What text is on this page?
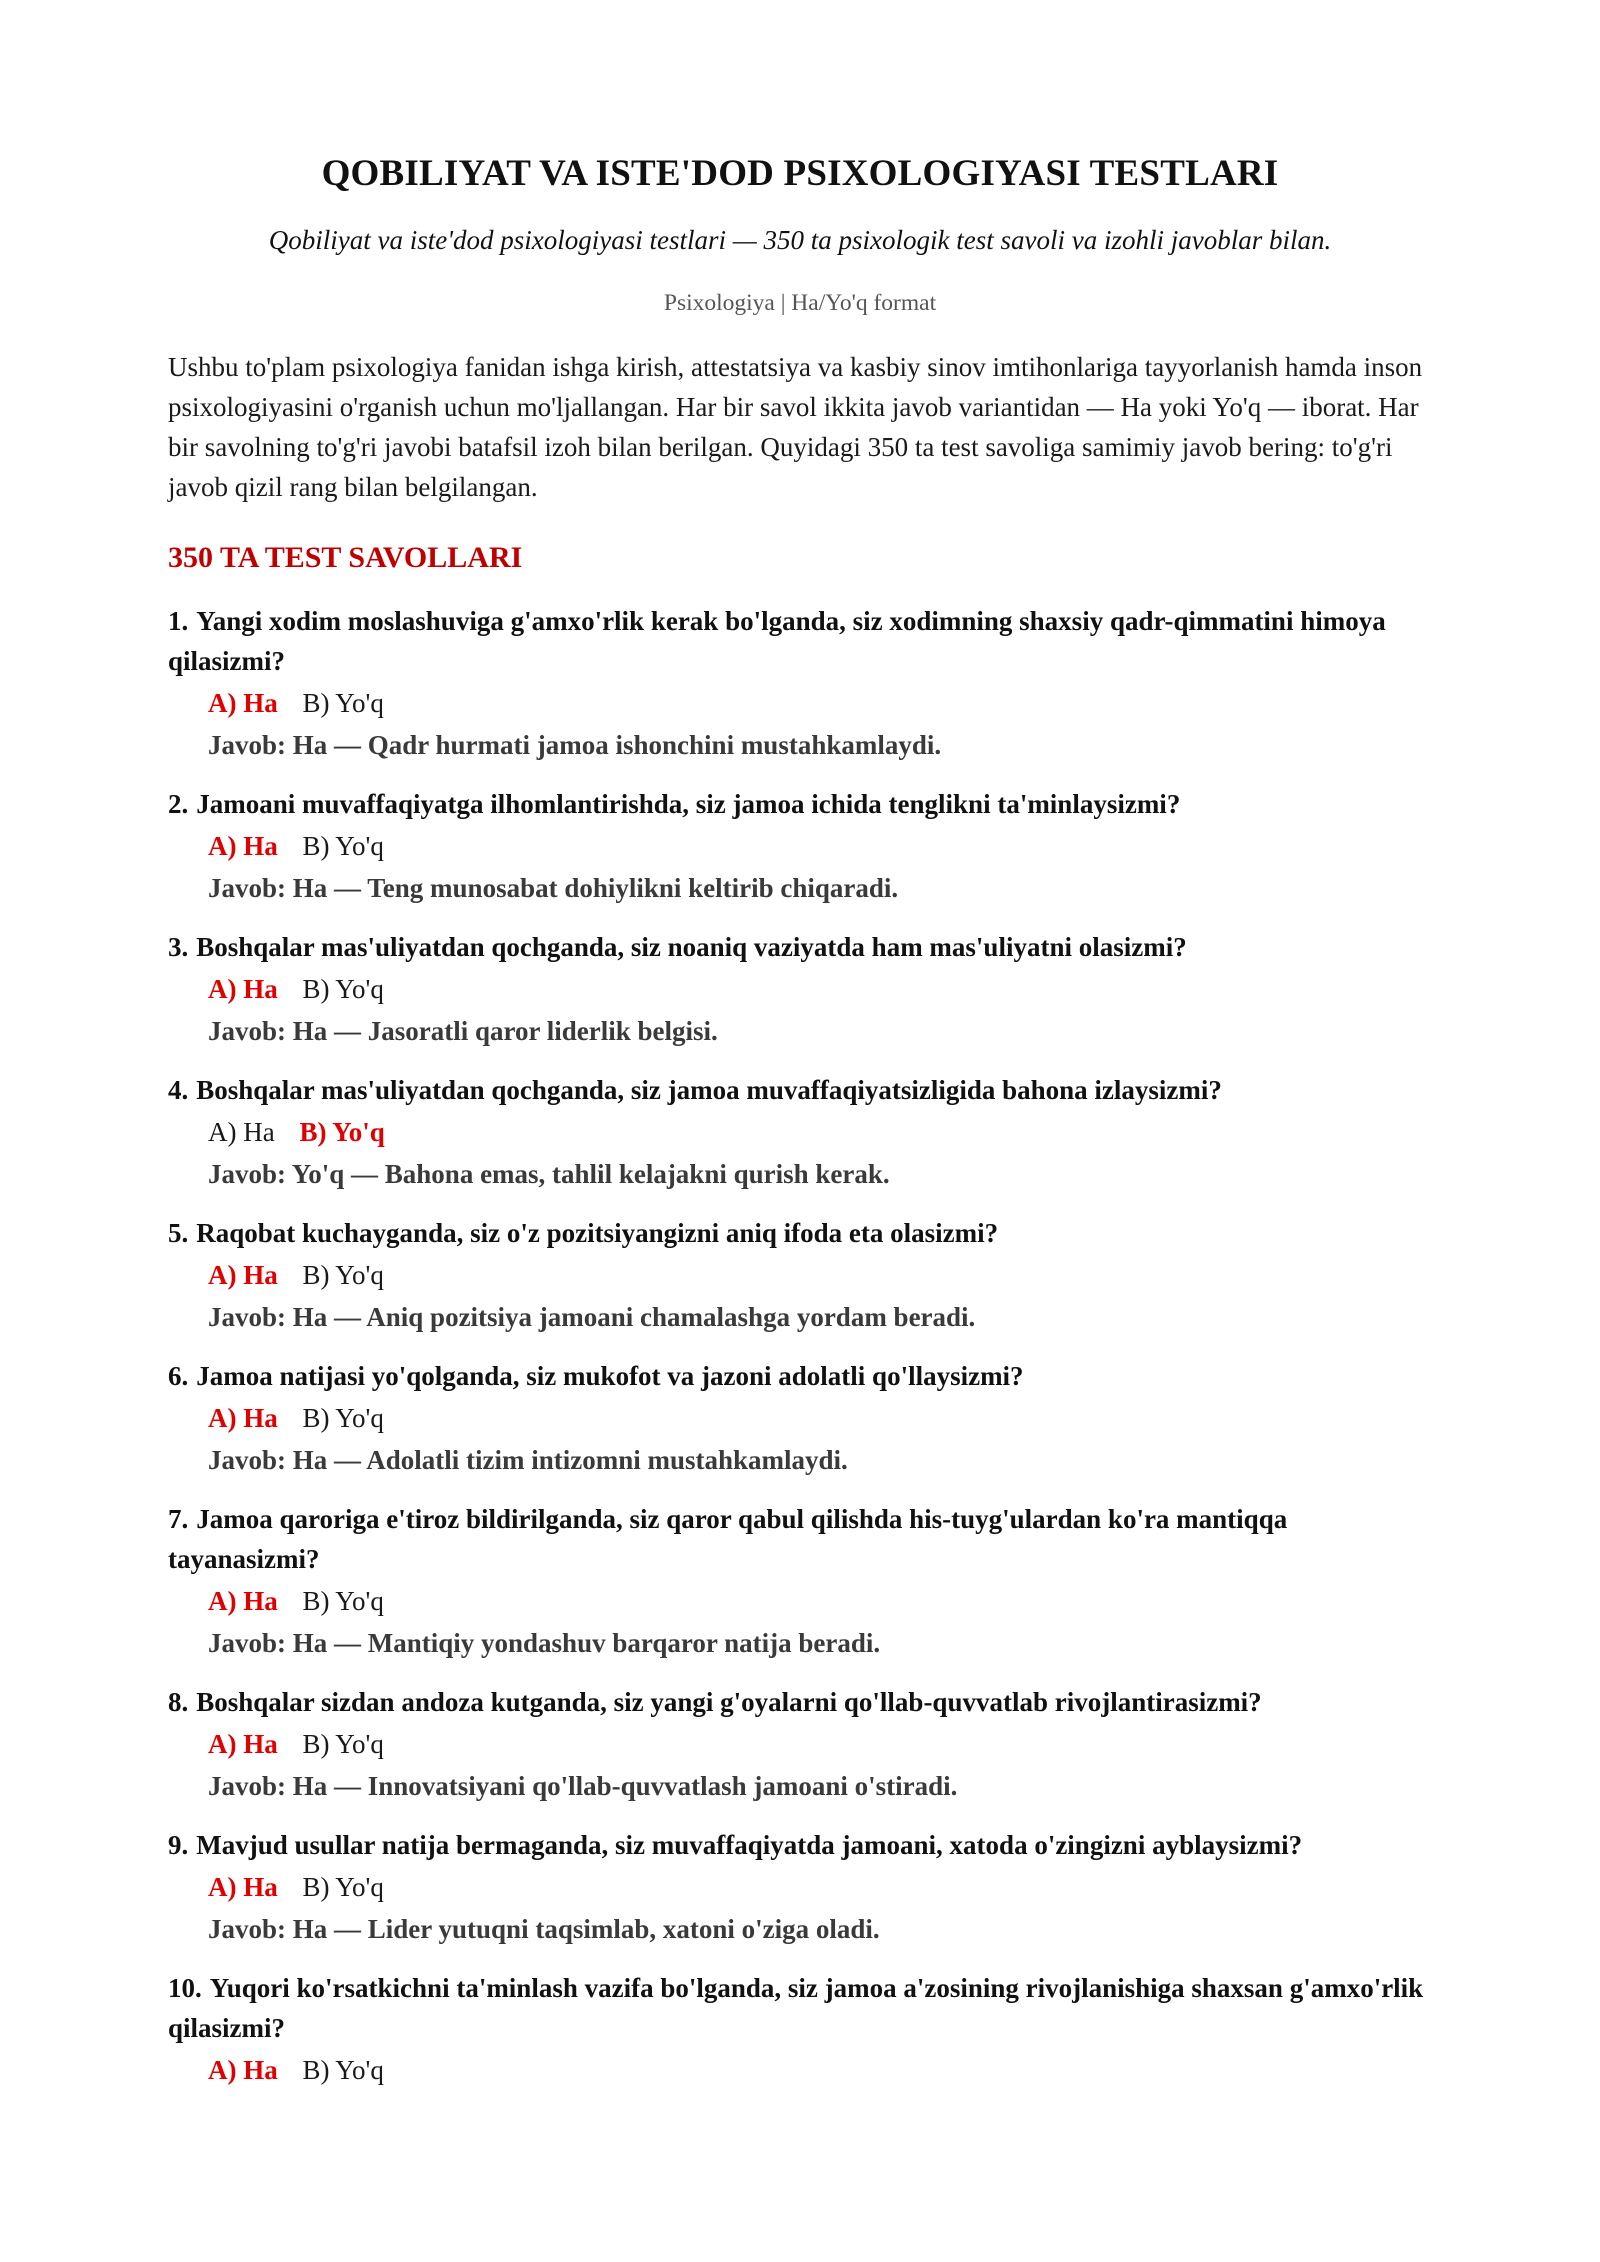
QOBILIYAT VA ISTE'DOD PSIXOLOGIYASI TESTLARI

Qobiliyat va iste'dod psixologiyasi testlari — 350 ta psixologik test savoli va izohli javoblar bilan.

Psixologiya | Ha/Yo'q format

Ushbu to'plam psixologiya fanidan ishga kirish, attestatsiya va kasbiy sinov imtihonlariga tayyorlanish hamda inson psixologiyasini o'rganish uchun mo'ljallangan. Har bir savol ikkita javob variantidan — Ha yoki Yo'q — iborat. Har bir savolning to'g'ri javobi batafsil izoh bilan berilgan. Quyidagi 350 ta test savoliga samimiy javob bering: to'g'ri javob qizil rang bilan belgilangan.

350 TA TEST SAVOLLARI

1. Yangi xodim moslashuviga g'amxo'rlik kerak bo'lganda, siz xodimning shaxsiy qadr-qimmatini himoya qilasizmi?

A) Ha B) Yo'q
Javob: Ha — Qadr hurmati jamoa ishonchini mustahkamlaydi.

2. Jamoani muvaffaqiyatga ilhomlantirishda, siz jamoa ichida tenglikni ta'minlaysizmi?

A) Ha B) Yo'q
Javob: Ha — Teng munosabat dohiylikni keltirib chiqaradi.

3. Boshqalar mas'uliyatdan qochganda, siz noaniq vaziyatda ham mas'uliyatni olasizmi?

A) Ha B) Yo'q
Javob: Ha — Jasoratli qaror liderlik belgisi.

4. Boshqalar mas'uliyatdan qochganda, siz jamoa muvaffaqiyatsizligida bahona izlaysizmi?

A) Ha B) Yo'q
Javob: Yo'q — Bahona emas, tahlil kelajakni qurish kerak.

5. Raqobat kuchayganda, siz o'z pozitsiyangizni aniq ifoda eta olasizmi?

A) Ha B) Yo'q
Javob: Ha — Aniq pozitsiya jamoani chamalashga yordam beradi.

6. Jamoa natijasi yo'qolganda, siz mukofot va jazoni adolatli qo'llaysizmi?

A) Ha B) Yo'q
Javob: Ha — Adolatli tizim intizomni mustahkamlaydi.

7. Jamoa qaroriga e'tiroz bildirilganda, siz qaror qabul qilishda his-tuyg'ulardan ko'ra mantiqqa tayanasizmi?

A) Ha B) Yo'q
Javob: Ha — Mantiqiy yondashuv barqaror natija beradi.

8. Boshqalar sizdan andoza kutganda, siz yangi g'oyalarni qo'llab-quvvatlab rivojlantirasizmi?

A) Ha B) Yo'q
Javob: Ha — Innovatsiyani qo'llab-quvvatlash jamoani o'stiradi.

9. Mavjud usullar natija bermaganda, siz muvaffaqiyatda jamoani, xatoda o'zingizni ayblaysizmi?

A) Ha B) Yo'q
Javob: Ha — Lider yutuqni taqsimlab, xatoni o'ziga oladi.

10. Yuqori ko'rsatkichni ta'minlash vazifa bo'lganda, siz jamoa a'zosining rivojlanishiga shaxsan g'amxo'rlik qilasizmi?

A) Ha B) Yo'q
